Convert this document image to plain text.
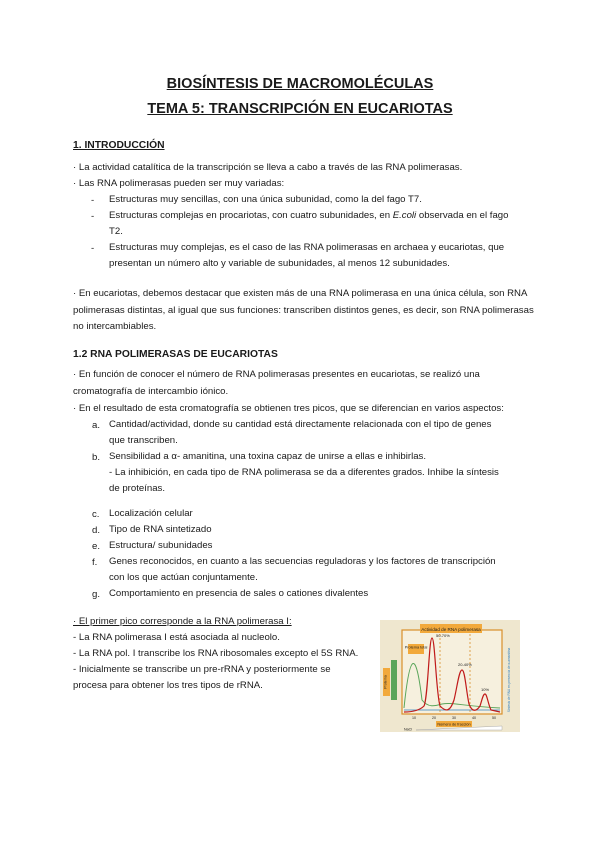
BIOSÍNTESIS DE MACROMOLÉCULAS
TEMA 5: TRANSCRIPCIÓN EN EUCARIOTAS
1. INTRODUCCIÓN
· La actividad catalítica de la transcripción se lleva a cabo a través de las RNA polimerasas.
· Las RNA polimerasas pueden ser muy variadas:
- Estructuras muy sencillas, con una única subunidad, como la del fago T7.
- Estructuras complejas en procariotas, con cuatro subunidades, en E.coli observada en el fago
T2.
- Estructuras muy complejas, es el caso de las RNA polimerasas en archaea y eucariotas, que
presentan un número alto y variable de subunidades, al menos 12 subunidades.
· En eucariotas, debemos destacar que existen más de una RNA polimerasa en una única célula, son RNA polimerasas distintas, al igual que sus funciones: transcriben distintos genes, es decir, son RNA polimerasas no intercambiables.
1.2 RNA POLIMERASAS DE EUCARIOTAS
· En función de conocer el número de RNA polimerasas presentes en eucariotas, se realizó una cromatografía de intercambio iónico.
· En el resultado de esta cromatografía se obtienen tres picos, que se diferencian en varios aspectos:
a. Cantidad/actividad, donde su cantidad está directamente relacionada con el tipo de genes
que transcriben.
b. Sensibilidad a α- amanitina, una toxina capaz de unirse a ellas e inhibirlas.
- La inhibición, en cada tipo de RNA polimerasa se da a diferentes grados. Inhibe la síntesis
de proteínas.
c. Localización celular
d. Tipo de RNA sintetizado
e. Estructura/ subunidades
f. Genes reconocidos, en cuanto a las secuencias reguladoras y los factores de transcripción
con los que actúan conjuntamente.
g. Comportamiento en presencia de sales o cationes divalentes
· El primer pico corresponde a la RNA polimerasa I:
- La RNA polimerasa I está asociada al nucleolo.
- La RNA pol. I transcribe los RNA ribosomales excepto el 5S RNA.
- Inicialmente se transcribe un pre-rRNA y posteriormente se
procesa para obtener los tres tipos de rRNA.
Actividad de RNA polimerasa
Proteína total
Proteína	Síntesis de RNA en presencia de α-amanitina
50-70%
20-40%
10%
10	20	30	40	50
Número de fracción
NaCl
